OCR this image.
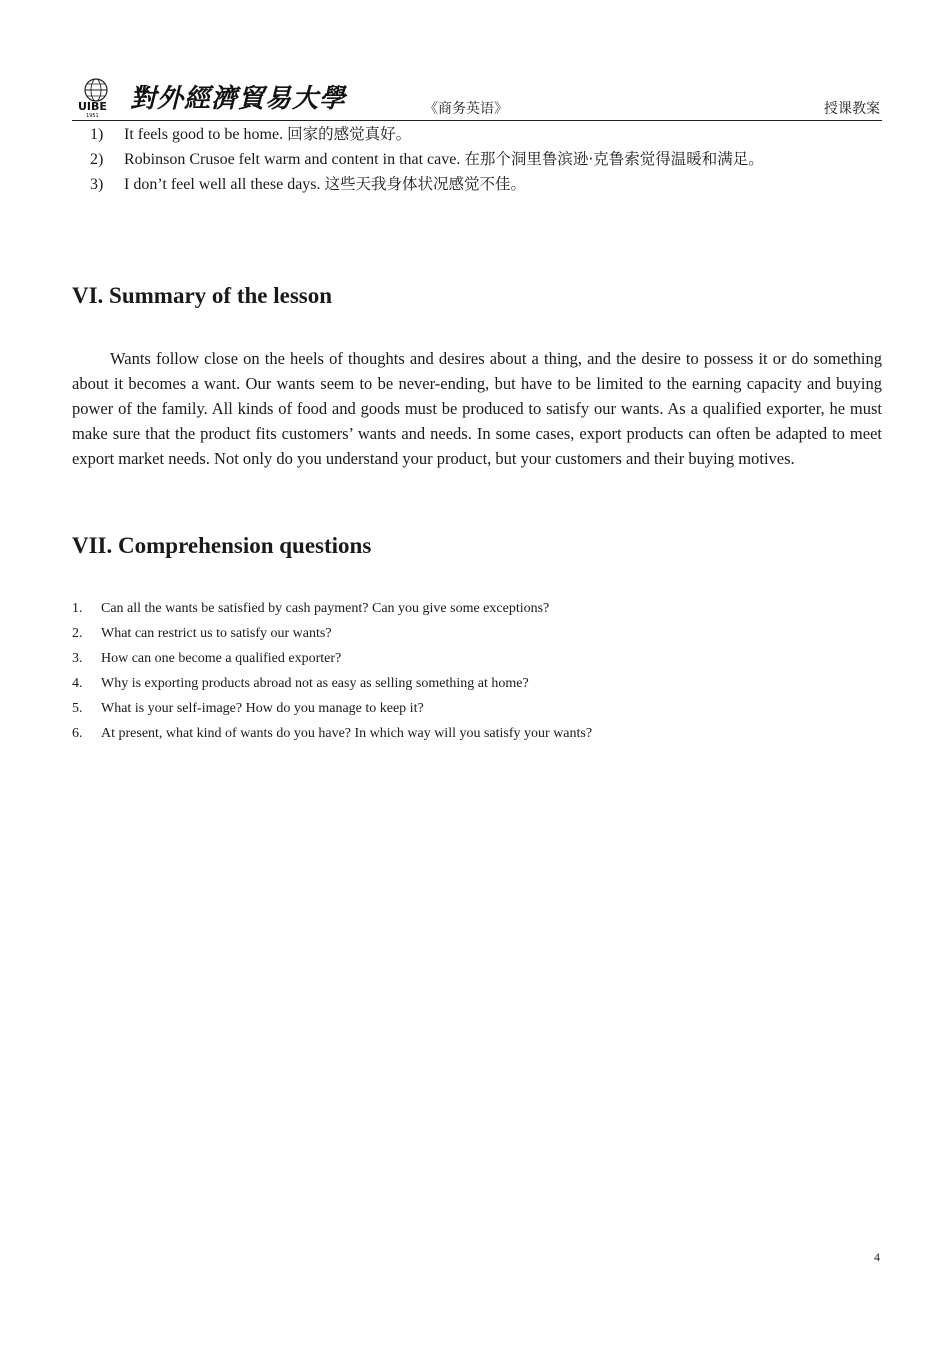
UIBE
1951
對外經濟貿易大學	《商务英语》	授课教案
1)	It feels good to be home. 回家的感觉真好。
2)	Robinson Crusoe felt warm and content in that cave. 在那个洞里鲁滨逊·克鲁索觉得温暖和满足。
3)	I don’t feel well all these days. 这些天我身体状况感觉不佳。
VI. Summary of the lesson

Wants follow close on the heels of thoughts and desires about a thing, and the desire to possess it or do something about it becomes a want. Our wants seem to be never-ending, but have to be limited to the earning capacity and buying power of the family. All kinds of food and goods must be produced to satisfy our wants. As a qualified exporter, he must make sure that the product fits customers’ wants and needs. In some cases, export products can often be adapted to meet export market needs. Not only do you understand your product, but your customers and their buying motives.

VII. Comprehension questions
1.	Can all the wants be satisfied by cash payment? Can you give some exceptions?
2.	What can restrict us to satisfy our wants?
3.	How can one become a qualified exporter?
4.	Why is exporting products abroad not as easy as selling something at home?
5.	What is your self-image? How do you manage to keep it?
6.	At present, what kind of wants do you have? In which way will you satisfy your wants?
4
